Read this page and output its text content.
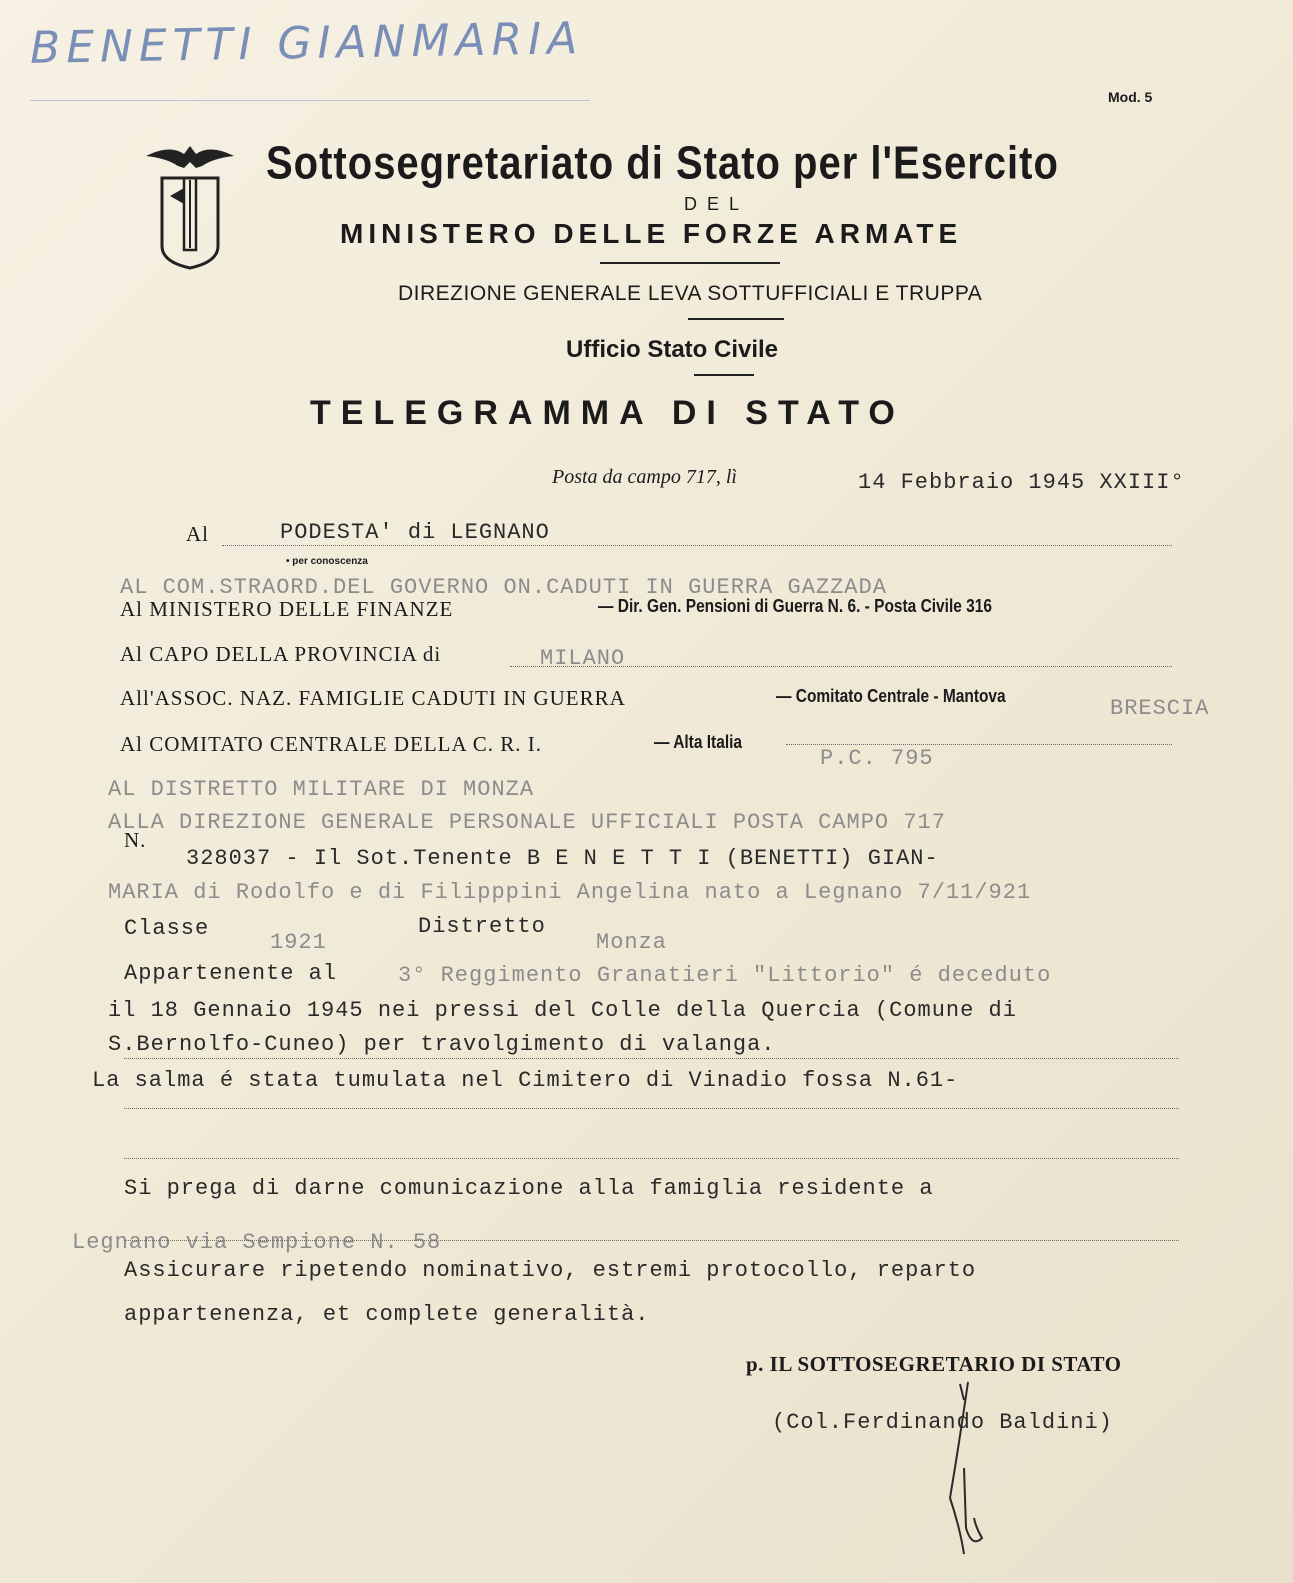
BENETTI GIANMARIA
Mod. 5
Sottosegretariato di Stato per l'Esercito
DEL
MINISTERO DELLE FORZE ARMATE
DIREZIONE GENERALE LEVA SOTTUFFICIALI E TRUPPA
Ufficio Stato Civile
TELEGRAMMA DI STATO
Posta da campo 717, lì	14 Febbraio 1945 XXIII°
Al	PODESTA' di LEGNANO
• per conoscenza
AL COM.STRAORD.DEL GOVERNO ON.CADUTI IN GUERRA GAZZADA
Al MINISTERO DELLE FINANZE	— Dir. Gen. Pensioni di Guerra N. 6. - Posta Civile 316
Al CAPO DELLA PROVINCIA di	MILANO
All'ASSOC. NAZ. FAMIGLIE CADUTI IN GUERRA	— Comitato Centrale - Mantova	BRESCIA
Al COMITATO CENTRALE DELLA C. R. I.	— Alta Italia
P.C. 795
AL DISTRETTO MILITARE DI MONZA
ALLA DIREZIONE GENERALE PERSONALE UFFICIALI POSTA CAMPO 717
N.
328037 - Il Sot.Tenente B E N E T T I (BENETTI) GIAN-
MARIA di Rodolfo e di Filipppini Angelina nato a Legnano 7/11/921
Classe
1921
Distretto
Monza
Appartenente al	3° Reggimento Granatieri "Littorio" é deceduto
il 18 Gennaio 1945 nei pressi del Colle della Quercia (Comune di
S.Bernolfo-Cuneo) per travolgimento di valanga.
La salma é stata tumulata nel Cimitero di Vinadio fossa N.61-
Si prega di darne comunicazione alla famiglia residente a
Legnano via Sempione N. 58
Assicurare ripetendo nominativo, estremi protocollo, reparto
appartenenza, et complete generalità.
p. IL SOTTOSEGRETARIO DI STATO
(Col.Ferdinando Baldini)
